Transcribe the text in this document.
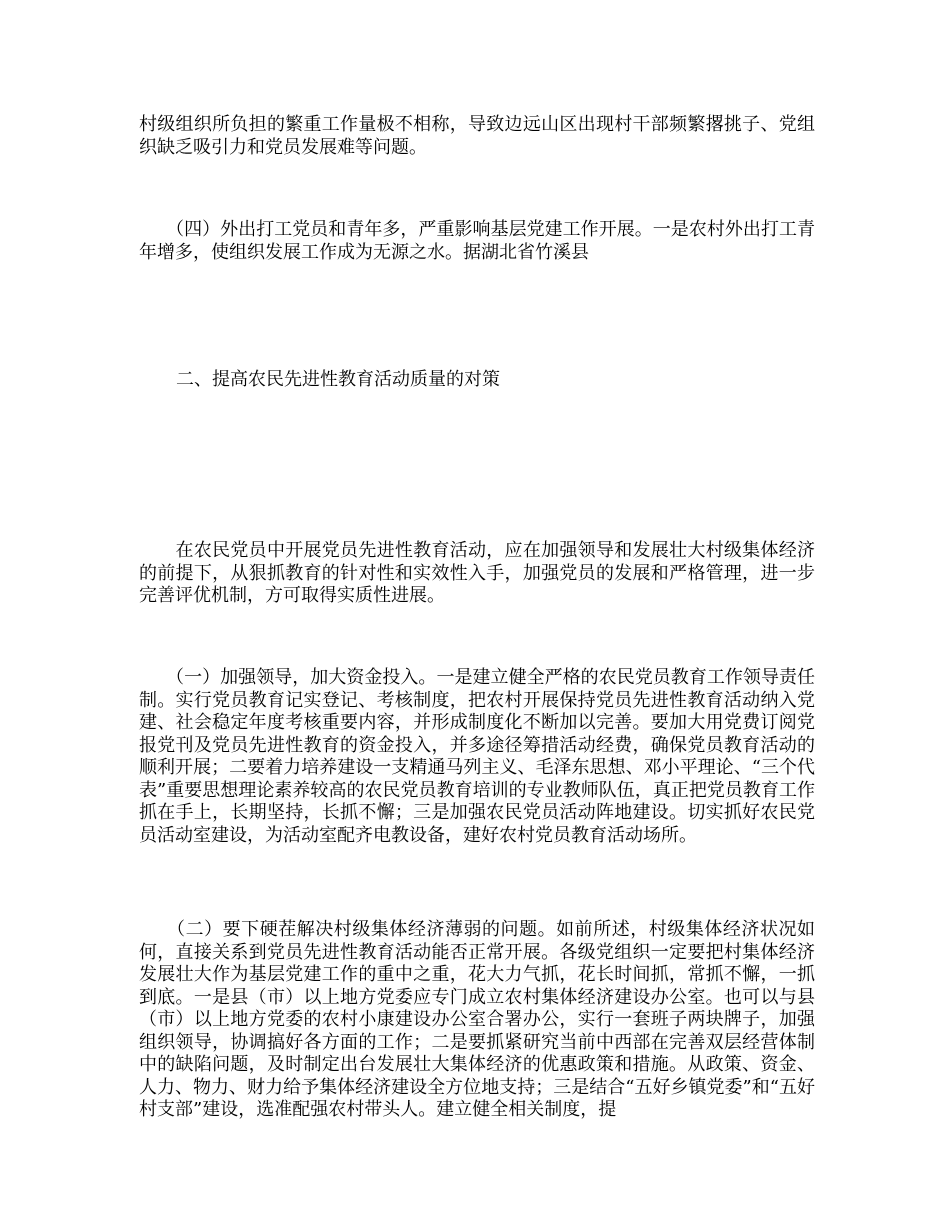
村级组织所负担的繁重工作量极不相称，导致边远山区出现村干部频繁撂挑子、党组织缺乏吸引力和党员发展难等问题。

　　（四）外出打工党员和青年多，严重影响基层党建工作开展。一是农村外出打工青年增多，使组织发展工作成为无源之水。据湖北省竹溪县

二、提高农民先进性教育活动质量的对策

　　在农民党员中开展党员先进性教育活动，应在加强领导和发展壮大村级集体经济的前提下，从狠抓教育的针对性和实效性入手，加强党员的发展和严格管理，进一步完善评优机制，方可取得实质性进展。

　　（一）加强领导，加大资金投入。一是建立健全严格的农民党员教育工作领导责任制。实行党员教育记实登记、考核制度，把农村开展保持党员先进性教育活动纳入党建、社会稳定年度考核重要内容，并形成制度化不断加以完善。要加大用党费订阅党报党刊及党员先进性教育的资金投入，并多途径筹措活动经费，确保党员教育活动的顺利开展；二要着力培养建设一支精通马列主义、毛泽东思想、邓小平理论、“三个代表”重要思想理论素养较高的农民党员教育培训的专业教师队伍，真正把党员教育工作抓在手上，长期坚持，长抓不懈；三是加强农民党员活动阵地建设。切实抓好农民党员活动室建设，为活动室配齐电教设备，建好农村党员教育活动场所。

　　（二）要下硬茬解决村级集体经济薄弱的问题。如前所述，村级集体经济状况如何，直接关系到党员先进性教育活动能否正常开展。各级党组织一定要把村集体经济发展壮大作为基层党建工作的重中之重，花大力气抓，花长时间抓，常抓不懈，一抓到底。一是县（市）以上地方党委应专门成立农村集体经济建设办公室。也可以与县（市）以上地方党委的农村小康建设办公室合署办公，实行一套班子两块牌子，加强组织领导，协调搞好各方面的工作；二是要抓紧研究当前中西部在完善双层经营体制中的缺陷问题，及时制定出台发展壮大集体经济的优惠政策和措施。从政策、资金、人力、物力、财力给予集体经济建设全方位地支持；三是结合“五好乡镇党委”和“五好村支部”建设，选准配强农村带头人。建立健全相关制度，提
